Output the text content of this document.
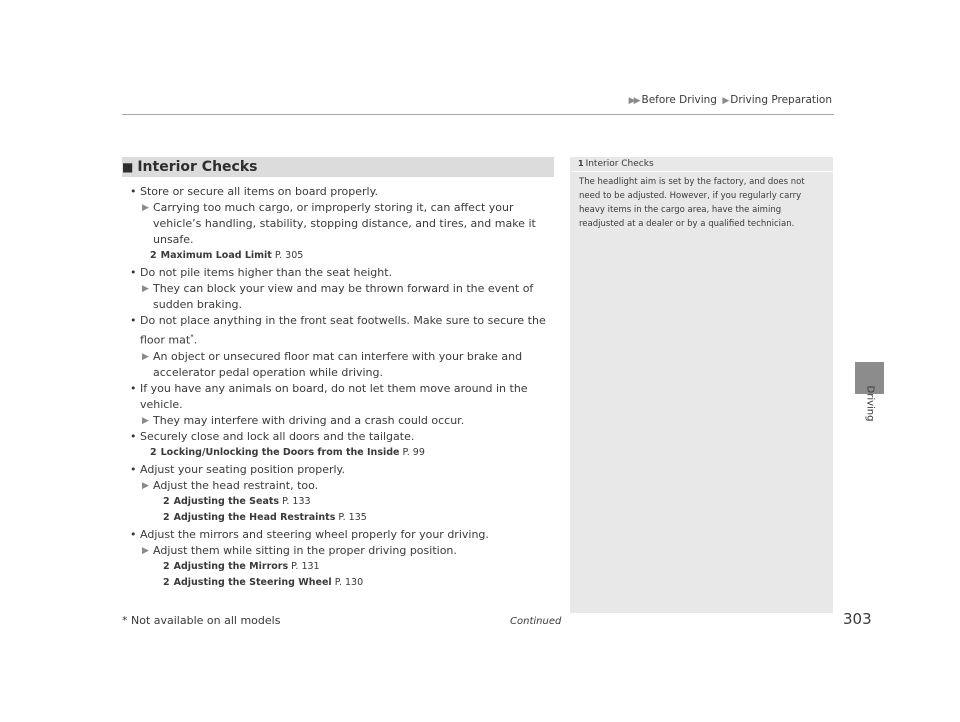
▶▶ Before Driving ▶ Driving Preparation
■ Interior Checks

• Store or secure all items on board properly.

▶ Carrying too much cargo, or improperly storing it, can affect your vehicle’s handling, stability, stopping distance, and tires, and make it unsafe.

2 Maximum Load Limit P. 305

• Do not pile items higher than the seat height.

▶ They can block your view and may be thrown forward in the event of sudden braking.

• Do not place anything in the front seat footwells. Make sure to secure the floor mat*.

▶ An object or unsecured floor mat can interfere with your brake and accelerator pedal operation while driving.

• If you have any animals on board, do not let them move around in the vehicle.

▶ They may interfere with driving and a crash could occur.

• Securely close and lock all doors and the tailgate.

2 Locking/Unlocking the Doors from the Inside P. 99

• Adjust your seating position properly.

▶ Adjust the head restraint, too.

2 Adjusting the Seats P. 133

2 Adjusting the Head Restraints P. 135

• Adjust the mirrors and steering wheel properly for your driving.

▶ Adjust them while sitting in the proper driving position.

2 Adjusting the Mirrors P. 131

2 Adjusting the Steering Wheel P. 130

1 Interior Checks
The headlight aim is set by the factory, and does not need to be adjusted. However, if you regularly carry heavy items in the cargo area, have the aiming readjusted at a dealer or by a qualified technician.
Driving
* Not available on all models	Continued	303
